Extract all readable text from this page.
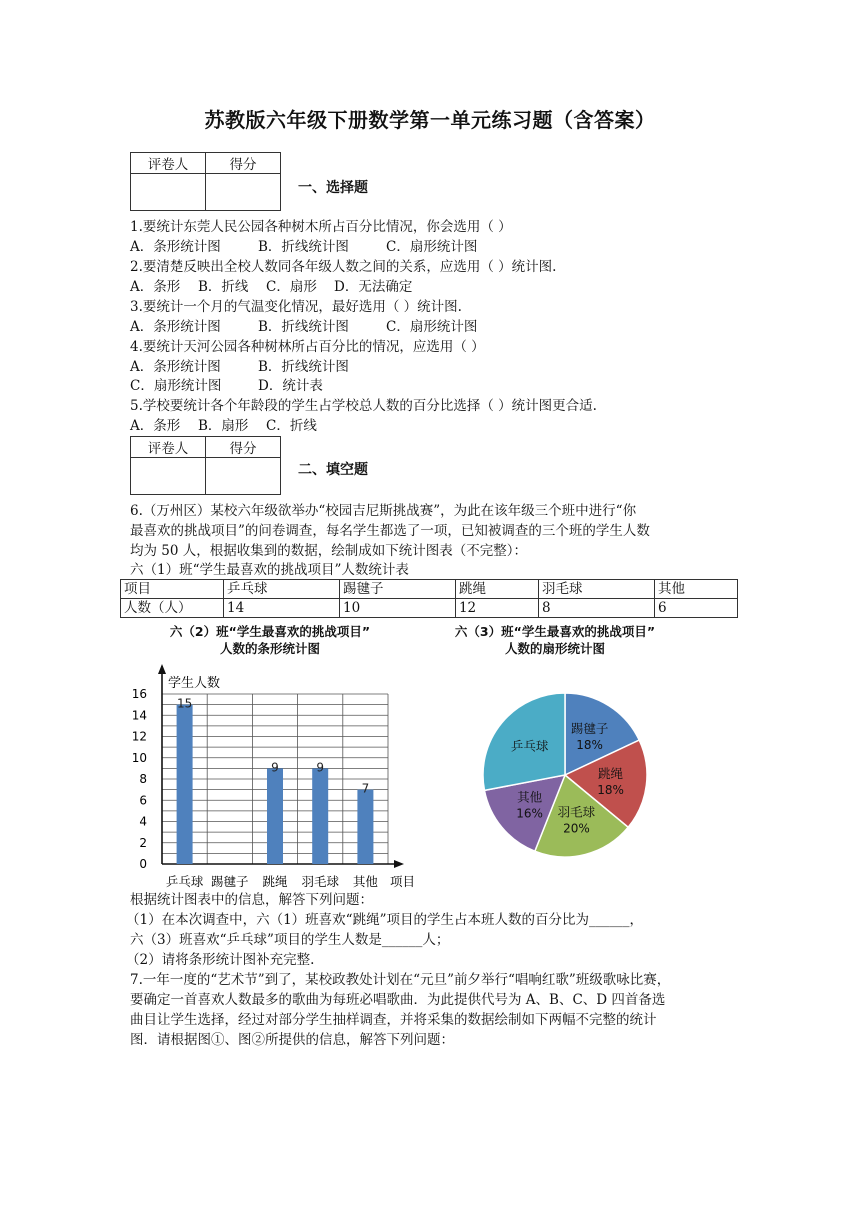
苏教版六年级下册数学第一单元练习题（含答案）
评卷人	得分

一、选择题
1.要统计东莞人民公园各种树木所占百分比情况，你会选用（ ）
A．条形统计图	B．折线统计图	C．扇形统计图
2.要清楚反映出全校人数同各年级人数之间的关系，应选用（ ）统计图.
A．条形 B．折线 C．扇形 D．无法确定
3.要统计一个月的气温变化情况，最好选用（ ）统计图.
A．条形统计图	B．折线统计图	C．扇形统计图
4.要统计天河公园各种树林所占百分比的情况，应选用（ ）
A．条形统计图	B．折线统计图
C．扇形统计图	D．统计表
5.学校要统计各个年龄段的学生占学校总人数的百分比选择（ ）统计图更合适.
A．条形 B．扇形 C．折线
评卷人	得分

二、填空题
6.（万州区）某校六年级欲举办“校园吉尼斯挑战赛”，为此在该年级三个班中进行“你
最喜欢的挑战项目”的问卷调查，每名学生都选了一项，已知被调查的三个班的学生人数
均为 50 人，根据收集到的数据，绘制成如下统计图表（不完整）：
六（1）班“学生最喜欢的挑战项目”人数统计表
项目	乒乓球	踢毽子	跳绳	羽毛球	其他
人数（人）	14	10	12	8	6
六（2）班“学生最喜欢的挑战项目”
人数的条形统计图
六（3）班“学生最喜欢的挑战项目”
人数的扇形统计图
学生人数
项目
0
2
4
6
8
10
12
14
16
乒乓球
15
踢毽子 跳绳
9
羽毛球
9
其他
7
踢毽子
18%
跳绳
18%
羽毛球
20%
其他
16%
乒乓球
根据统计图表中的信息，解答下列问题：
（1）在本次调查中，六（1）班喜欢“跳绳”项目的学生占本班人数的百分比为______，
六（3）班喜欢“乒乓球”项目的学生人数是______人；
（2）请将条形统计图补充完整.
7.一年一度的“艺术节”到了，某校政教处计划在“元旦”前夕举行“唱响红歌”班级歌咏比赛，
要确定一首喜欢人数最多的歌曲为每班必唱歌曲．为此提供代号为 A、B、C、D 四首备选
曲目让学生选择，经过对部分学生抽样调查，并将采集的数据绘制如下两幅不完整的统计
图．请根据图①、图②所提供的信息，解答下列问题：
